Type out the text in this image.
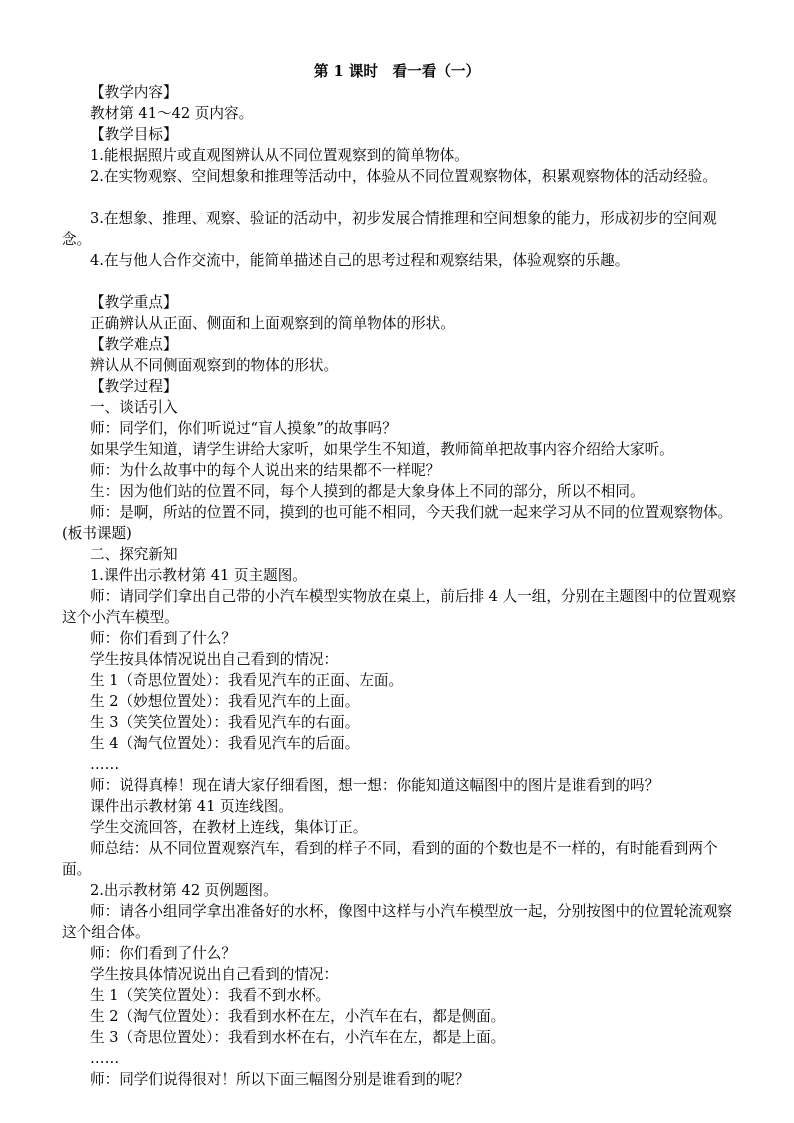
第 1 课时　看一看（一）
【教学内容】
教材第 41～42 页内容。
【教学目标】
1.能根据照片或直观图辨认从不同位置观察到的简单物体。
2.在实物观察、空间想象和推理等活动中，体验从不同位置观察物体，积累观察物体的活动经验。
3.在想象、推理、观察、验证的活动中，初步发展合情推理和空间想象的能力，形成初步的空间观念。
4.在与他人合作交流中，能简单描述自己的思考过程和观察结果，体验观察的乐趣。
【教学重点】
正确辨认从正面、侧面和上面观察到的简单物体的形状。
【教学难点】
辨认从不同侧面观察到的物体的形状。
【教学过程】
一、谈话引入
师：同学们，你们听说过“盲人摸象”的故事吗？
如果学生知道，请学生讲给大家听，如果学生不知道，教师简单把故事内容介绍给大家听。
师：为什么故事中的每个人说出来的结果都不一样呢？
生：因为他们站的位置不同，每个人摸到的都是大象身体上不同的部分，所以不相同。
师：是啊，所站的位置不同，摸到的也可能不相同，今天我们就一起来学习从不同的位置观察物体。(板书课题)
二、探究新知
1.课件出示教材第 41 页主题图。
师：请同学们拿出自己带的小汽车模型实物放在桌上，前后排 4 人一组，分别在主题图中的位置观察这个小汽车模型。
师：你们看到了什么？
学生按具体情况说出自己看到的情况：
生 1（奇思位置处）：我看见汽车的正面、左面。
生 2（妙想位置处）：我看见汽车的上面。
生 3（笑笑位置处）：我看见汽车的右面。
生 4（淘气位置处）：我看见汽车的后面。
……
师：说得真棒！现在请大家仔细看图，想一想：你能知道这幅图中的图片是谁看到的吗？
课件出示教材第 41 页连线图。
学生交流回答，在教材上连线，集体订正。
师总结：从不同位置观察汽车，看到的样子不同，看到的面的个数也是不一样的，有时能看到两个面。
2.出示教材第 42 页例题图。
师：请各小组同学拿出准备好的水杯，像图中这样与小汽车模型放一起，分别按图中的位置轮流观察这个组合体。
师：你们看到了什么？
学生按具体情况说出自己看到的情况：
生 1（笑笑位置处）：我看不到水杯。
生 2（淘气位置处）：我看到水杯在左，小汽车在右，都是侧面。
生 3（奇思位置处）：我看到水杯在右，小汽车在左，都是上面。
……
师：同学们说得很对！所以下面三幅图分别是谁看到的呢？
